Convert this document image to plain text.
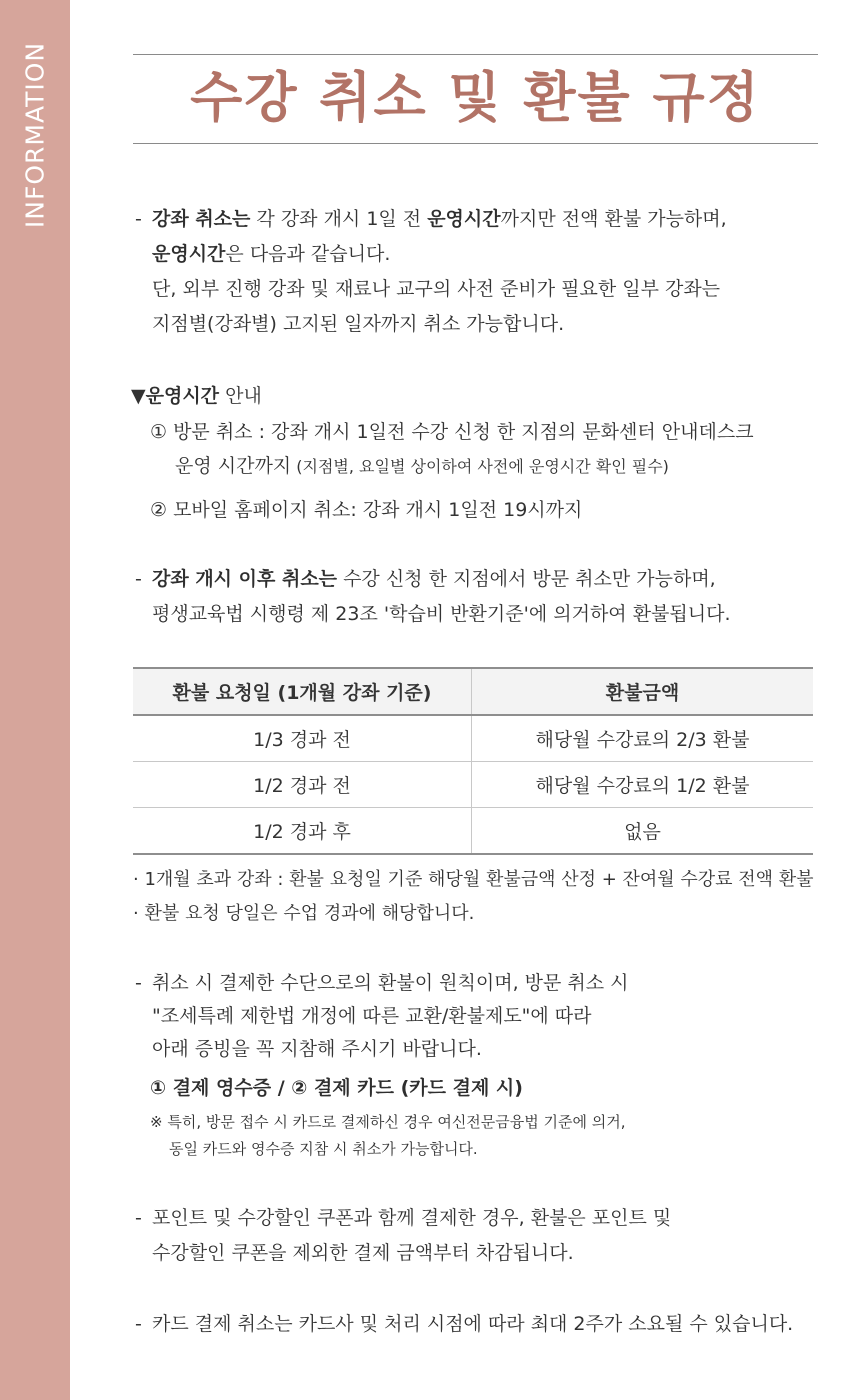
INFORMATION	수강 취소 및 환불 규정
- 강좌 취소는 각 강좌 개시 1일 전 운영시간까지만 전액 환불 가능하며,
운영시간은 다음과 같습니다.
단, 외부 진행 강좌 및 재료나 교구의 사전 준비가 필요한 일부 강좌는
지점별(강좌별) 고지된 일자까지 취소 가능합니다.
▼운영시간 안내
① 방문 취소 : 강좌 개시 1일전 수강 신청 한 지점의 문화센터 안내데스크
운영 시간까지 (지점별, 요일별 상이하여 사전에 운영시간 확인 필수)
② 모바일 홈페이지 취소: 강좌 개시 1일전 19시까지
- 강좌 개시 이후 취소는 수강 신청 한 지점에서 방문 취소만 가능하며,
평생교육법 시행령 제 23조 '학습비 반환기준'에 의거하여 환불됩니다.
환불 요청일 (1개월 강좌 기준)	환불금액
1/3 경과 전	해당월 수강료의 2/3 환불
1/2 경과 전	해당월 수강료의 1/2 환불
1/2 경과 후	없음
· 1개월 초과 강좌 : 환불 요청일 기준 해당월 환불금액 산정 + 잔여월 수강료 전액 환불
· 환불 요청 당일은 수업 경과에 해당합니다.
- 취소 시 결제한 수단으로의 환불이 원칙이며, 방문 취소 시
"조세특례 제한법 개정에 따른 교환/환불제도"에 따라
아래 증빙을 꼭 지참해 주시기 바랍니다.
① 결제 영수증 / ② 결제 카드 (카드 결제 시)
※ 특히, 방문 접수 시 카드로 결제하신 경우 여신전문금융법 기준에 의거,
동일 카드와 영수증 지참 시 취소가 가능합니다.
- 포인트 및 수강할인 쿠폰과 함께 결제한 경우, 환불은 포인트 및
수강할인 쿠폰을 제외한 결제 금액부터 차감됩니다.
- 카드 결제 취소는 카드사 및 처리 시점에 따라 최대 2주가 소요될 수 있습니다.
